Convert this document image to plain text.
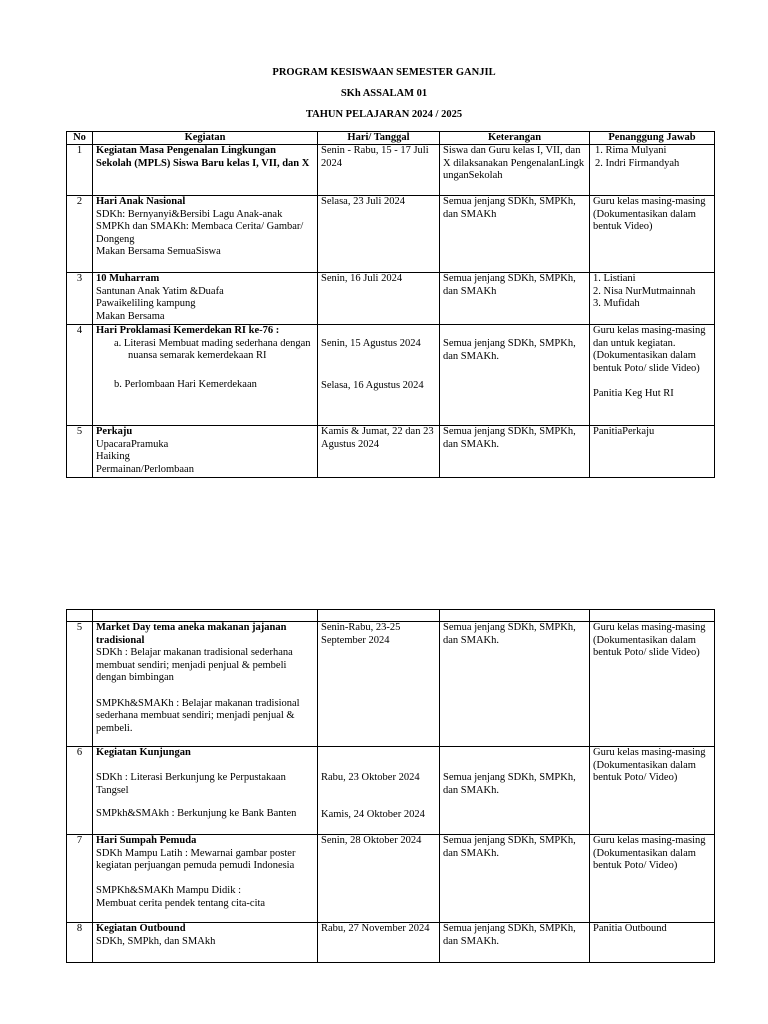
PROGRAM KESISWAAN SEMESTER GANJIL
SKh ASSALAM 01
TAHUN PELAJARAN 2024 / 2025
No	Kegiatan	Hari/ Tanggal	Keterangan	Penanggung Jawab
1	Kegiatan Masa Pengenalan Lingkungan Sekolah (MPLS) Siswa Baru kelas I, VII, dan X	Senin - Rabu, 15 - 17 Juli 2024	Siswa dan Guru kelas I, VII, dan X dilaksanakan PengenalanLingkunganSekolah	1. Rima Mulyani
2. Indri Firmandyah

2	Hari Anak Nasional
SDKh: Bernyanyi&Bersibi Lagu Anak-anak
SMPKh dan SMAKh: Membaca Cerita/ Gambar/ Dongeng
Makan Bersama SemuaSiswa	Selasa, 23 Juli 2024	Semua jenjang SDKh, SMPKh, dan SMAKh	Guru kelas masing-masing (Dokumentasikan dalam bentuk Video)
3	10 Muharram
Santunan Anak Yatim &Duafa
Pawaikeliling kampung
Makan Bersama	Senin, 16 Juli 2024	Semua jenjang SDKh, SMPKh, dan SMAKh	1. Listiani
2. Nisa NurMutmainnah
3. Mufidah

4	Hari Proklamasi Kemerdekan RI ke-76 :
a. Literasi Membuat mading sederhana dengan nuansa semarak kemerdekaan RI
b. Perlombaan Hari Kemerdekaan	Senin, 15 Agustus 2024
Selasa, 16 Agustus 2024	Semua jenjang SDKh, SMPKh, dan SMAKh.	Guru kelas masing-masing
dan untuk kegiatan. (Dokumentasikan dalam bentuk Poto/ slide Video)
Panitia Keg Hut RI

5	Perkaju
UpacaraPramuka
Haiking
Permainan/Perlombaan	Kamis & Jumat, 22 dan 23 Agustus 2024	Semua jenjang SDKh, SMPKh, dan SMAKh.	PanitiaPerkaju

5	Market Day tema aneka makanan jajanan tradisional
SDKh : Belajar makanan tradisional sederhana membuat sendiri; menjadi penjual & pembeli dengan bimbingan
SMPKh&SMAKh : Belajar makanan tradisional sederhana membuat sendiri; menjadi penjual & pembeli.	Senin-Rabu, 23-25 September 2024	Semua jenjang SDKh, SMPKh, dan SMAKh.	Guru kelas masing-masing (Dokumentasikan dalam bentuk Poto/ slide Video)
6	Kegiatan Kunjungan
SDKh : Literasi Berkunjung ke Perpustakaan Tangsel
SMPkh&SMAkh : Berkunjung ke Bank Banten	Rabu, 23 Oktober 2024
Kamis, 24 Oktober 2024	Semua jenjang SDKh, SMPKh, dan SMAKh.	Guru kelas masing-masing (Dokumentasikan dalam bentuk Poto/ Video)
7	Hari Sumpah Pemuda
SDKh Mampu Latih : Mewarnai gambar poster kegiatan perjuangan pemuda pemudi Indonesia
SMPKh&SMAKh Mampu Didik :
Membuat cerita pendek tentang cita-cita	Senin, 28 Oktober 2024	Semua jenjang SDKh, SMPKh, dan SMAKh.	Guru kelas masing-masing (Dokumentasikan dalam bentuk Poto/ Video)
8	Kegiatan Outbound
SDKh, SMPkh, dan SMAkh	Rabu, 27 November 2024	Semua jenjang SDKh, SMPKh, dan SMAKh.	Panitia Outbound
